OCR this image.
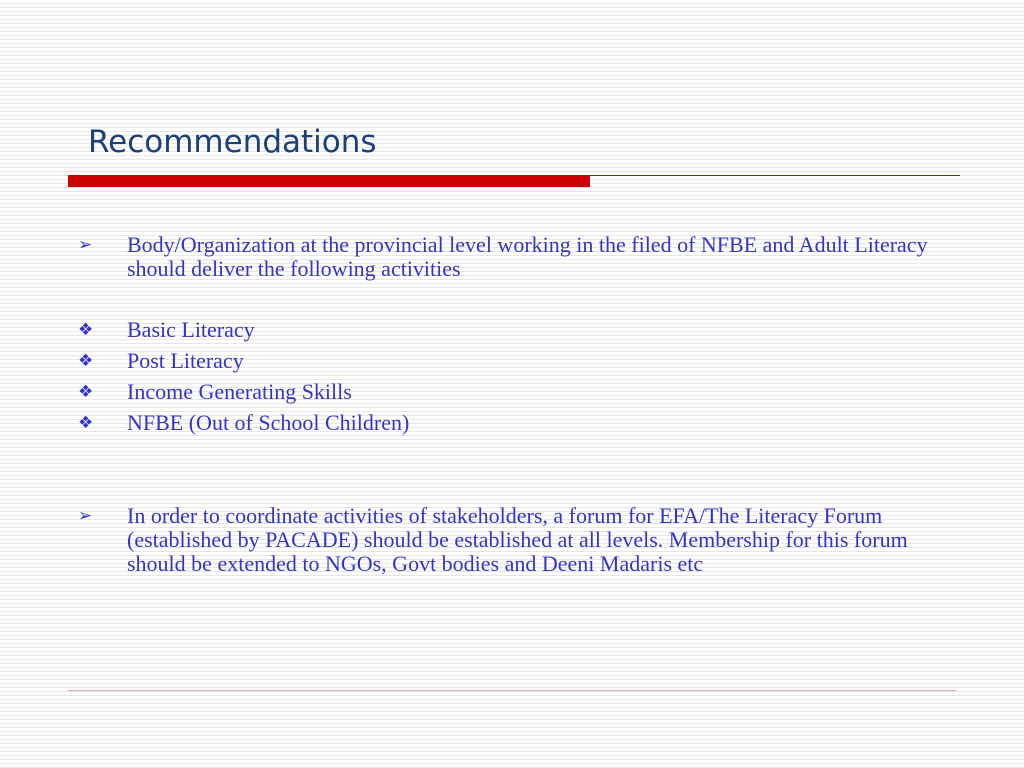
Recommendations
➢ Body/Organization at the provincial level working in the filed of NFBE and Adult Literacy should deliver the following activities
❖ Basic Literacy
❖ Post Literacy
❖ Income Generating Skills
❖ NFBE (Out of School Children)
➢ In order to coordinate activities of stakeholders, a forum for EFA/The Literacy Forum (established by PACADE) should be established at all levels. Membership for this forum should be extended to NGOs, Govt bodies and Deeni Madaris etc
